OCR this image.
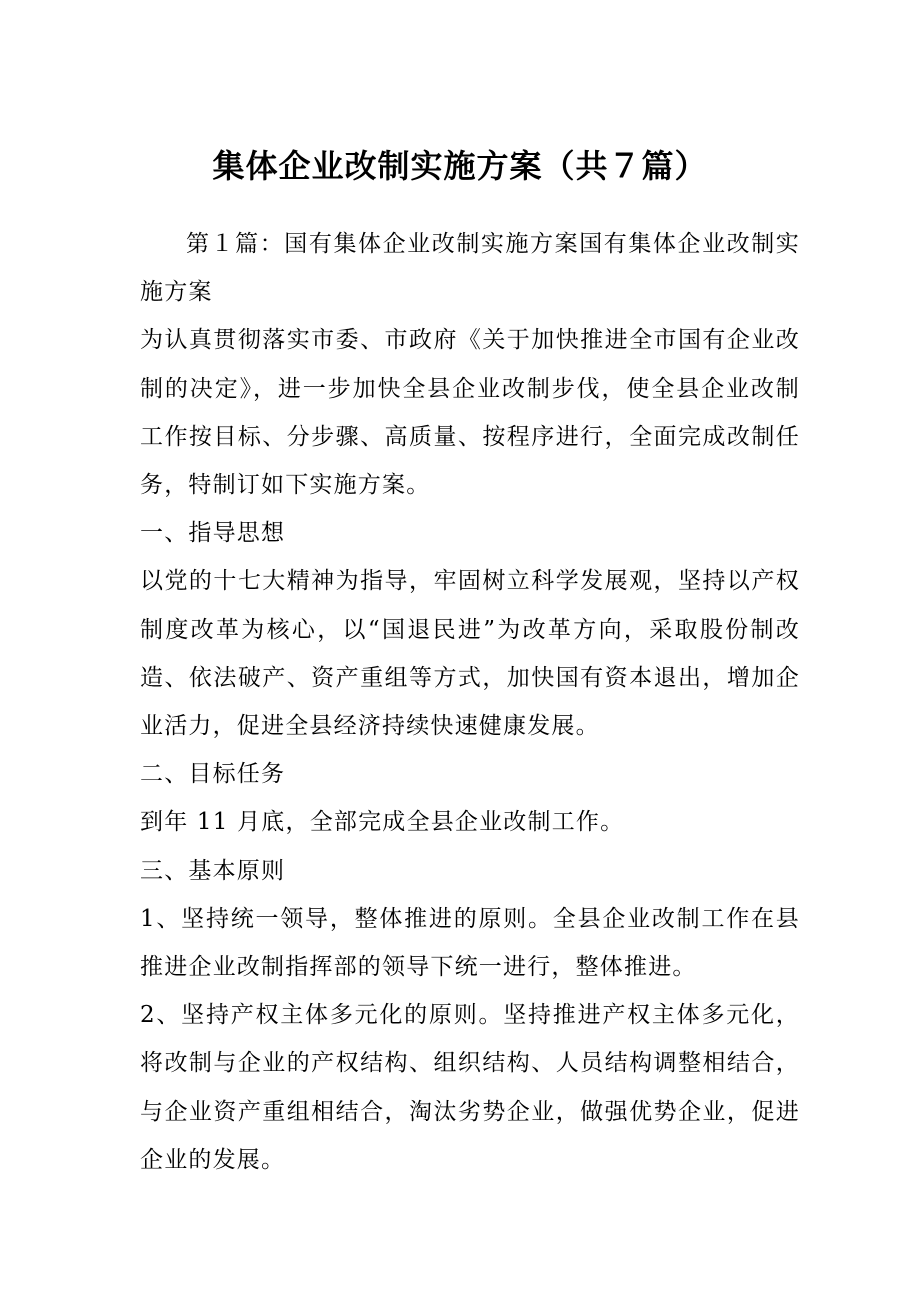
集体企业改制实施方案（共７篇）

第１篇：国有集体企业改制实施方案国有集体企业改制实施方案

为认真贯彻落实市委、市政府《关于加快推进全市国有企业改制的决定》，进一步加快全县企业改制步伐，使全县企业改制工作按目标、分步骤、高质量、按程序进行，全面完成改制任务，特制订如下实施方案。

一、指导思想

以党的十七大精神为指导，牢固树立科学发展观，坚持以产权制度改革为核心，以“国退民进”为改革方向，采取股份制改造、依法破产、资产重组等方式，加快国有资本退出，增加企业活力，促进全县经济持续快速健康发展。

二、目标任务

到年 11 月底，全部完成全县企业改制工作。

三、基本原则

1、坚持统一领导，整体推进的原则。全县企业改制工作在县推进企业改制指挥部的领导下统一进行，整体推进。

2、坚持产权主体多元化的原则。坚持推进产权主体多元化，将改制与企业的产权结构、组织结构、人员结构调整相结合，与企业资产重组相结合，淘汰劣势企业，做强优势企业，促进企业的发展。
